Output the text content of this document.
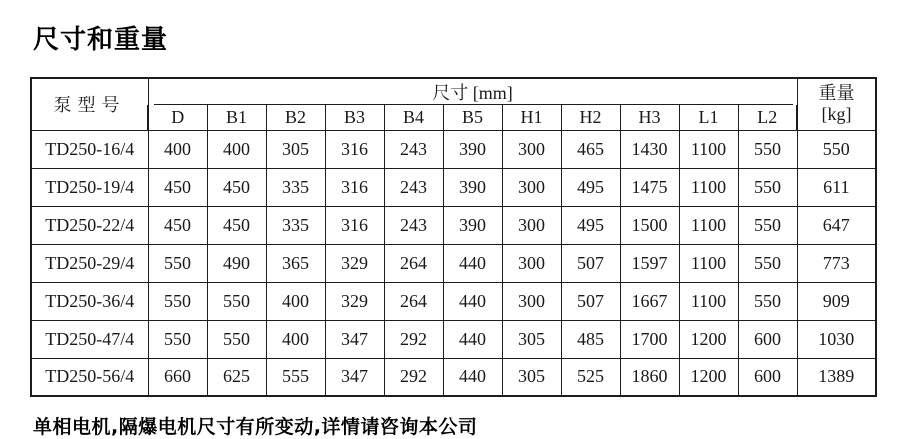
尺寸和重量
泵型号	尺寸 [mm]											重量
[kg]
	D	B1	B2	B3	B4	B5	H1	H2	H3	L1	L2	
TD250-16/4	400	400	305	316	243	390	300	465	1430	1100	550	550
TD250-19/4	450	450	335	316	243	390	300	495	1475	1100	550	611
TD250-22/4	450	450	335	316	243	390	300	495	1500	1100	550	647
TD250-29/4	550	490	365	329	264	440	300	507	1597	1100	550	773
TD250-36/4	550	550	400	329	264	440	300	507	1667	1100	550	909
TD250-47/4	550	550	400	347	292	440	305	485	1700	1200	600	1030
TD250-56/4	660	625	555	347	292	440	305	525	1860	1200	600	1389

单相电机,隔爆电机尺寸有所变动,详情请咨询本公司
